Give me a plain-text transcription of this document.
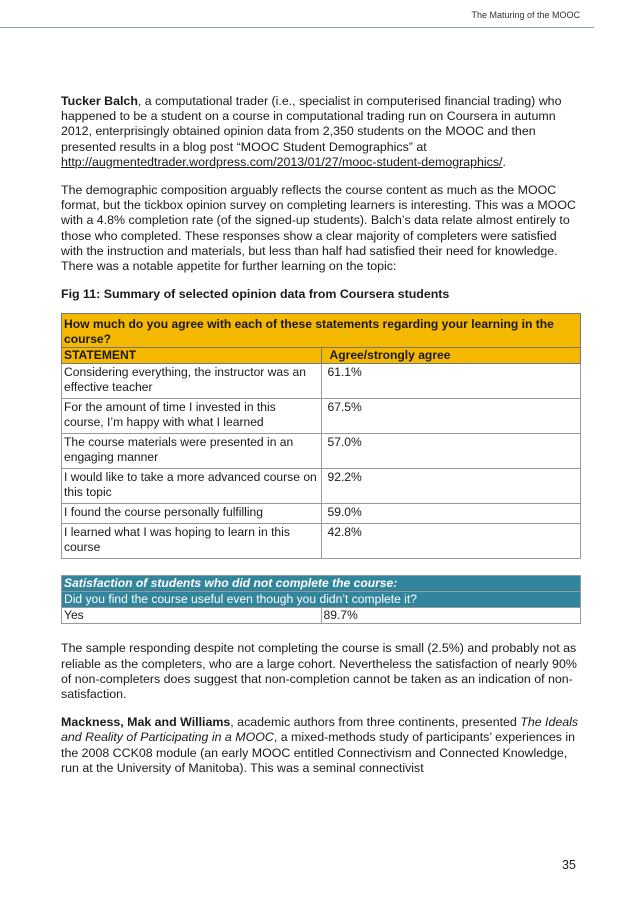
The Maturing of the MOOC

Tucker Balch, a computational trader (i.e., specialist in computerised financial trading) who happened to be a student on a course in computational trading run on Coursera in autumn 2012, enterprisingly obtained opinion data from 2,350 students on the MOOC and then presented results in a blog post “MOOC Student Demographics” at http://augmentedtrader.wordpress.com/2013/01/27/mooc-student-demographics/.

The demographic composition arguably reflects the course content as much as the MOOC format, but the tickbox opinion survey on completing learners is interesting. This was a MOOC with a 4.8% completion rate (of the signed-up students). Balch’s data relate almost entirely to those who completed. These responses show a clear majority of completers were satisfied with the instruction and materials, but less than half had satisfied their need for knowledge. There was a notable appetite for further learning on the topic:

Fig 11: Summary of selected opinion data from Coursera students

How much do you agree with each of these statements regarding your learning in the course?	
STATEMENT	Agree/strongly agree
Considering everything, the instructor was an effective teacher	61.1%
For the amount of time I invested in this course, I’m happy with what I learned	67.5%
The course materials were presented in an engaging manner	57.0%
I would like to take a more advanced course on this topic	92.2%
I found the course personally fulfilling	59.0%
I learned what I was hoping to learn in this course	42.8%
Satisfaction of students who did not complete the course:
Did you find the course useful even though you didn’t complete it?
Yes	89.7%

The sample responding despite not completing the course is small (2.5%) and probably not as reliable as the completers, who are a large cohort. Nevertheless the satisfaction of nearly 90% of non-completers does suggest that non-completion cannot be taken as an indication of non-satisfaction.

Mackness, Mak and Williams, academic authors from three continents, presented The Ideals and Reality of Participating in a MOOC, a mixed-methods study of participants’ experiences in the 2008 CCK08 module (an early MOOC entitled Connectivism and Connected Knowledge, run at the University of Manitoba). This was a seminal connectivist

35
